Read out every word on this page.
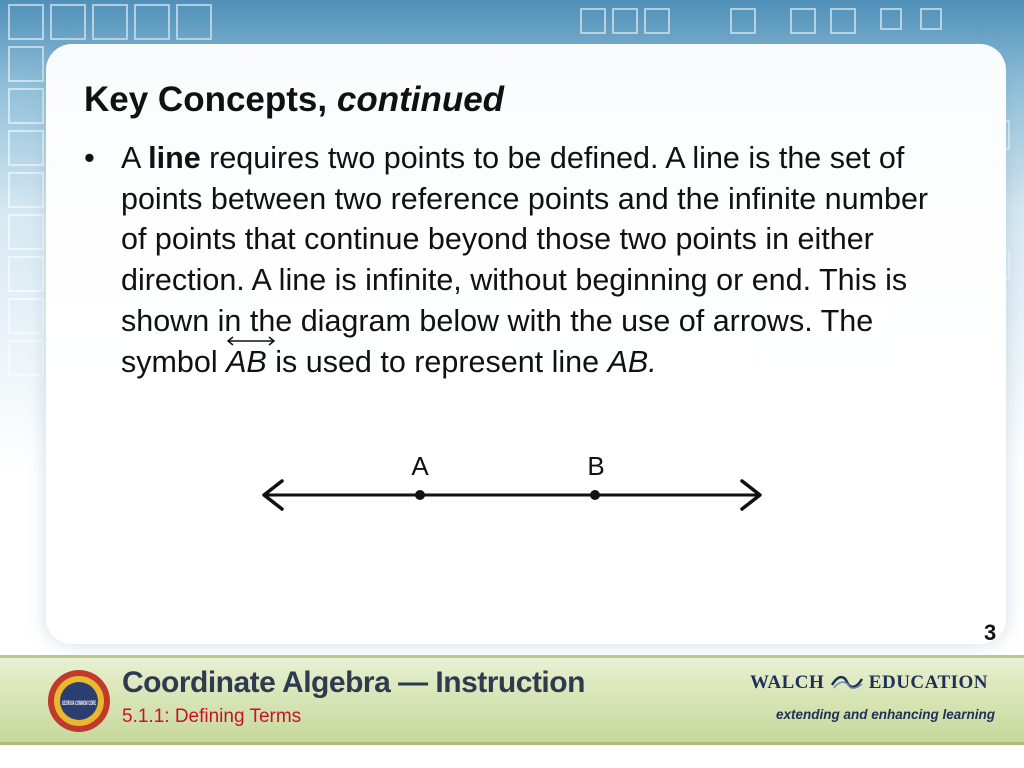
Key Concepts, continued
• A line requires two points to be defined. A line is the set of points between two reference points and the infinite number of points that continue beyond those two points in either direction. A line is infinite, without beginning or end. This is shown in the diagram below with the use of arrows. The symbol
AB is used to represent line AB.
A	B
3
GEORGIA COMMON CORE
Coordinate Algebra — Instruction
5.1.1: Defining Terms
WALCH EDUCATION
extending and enhancing learning
